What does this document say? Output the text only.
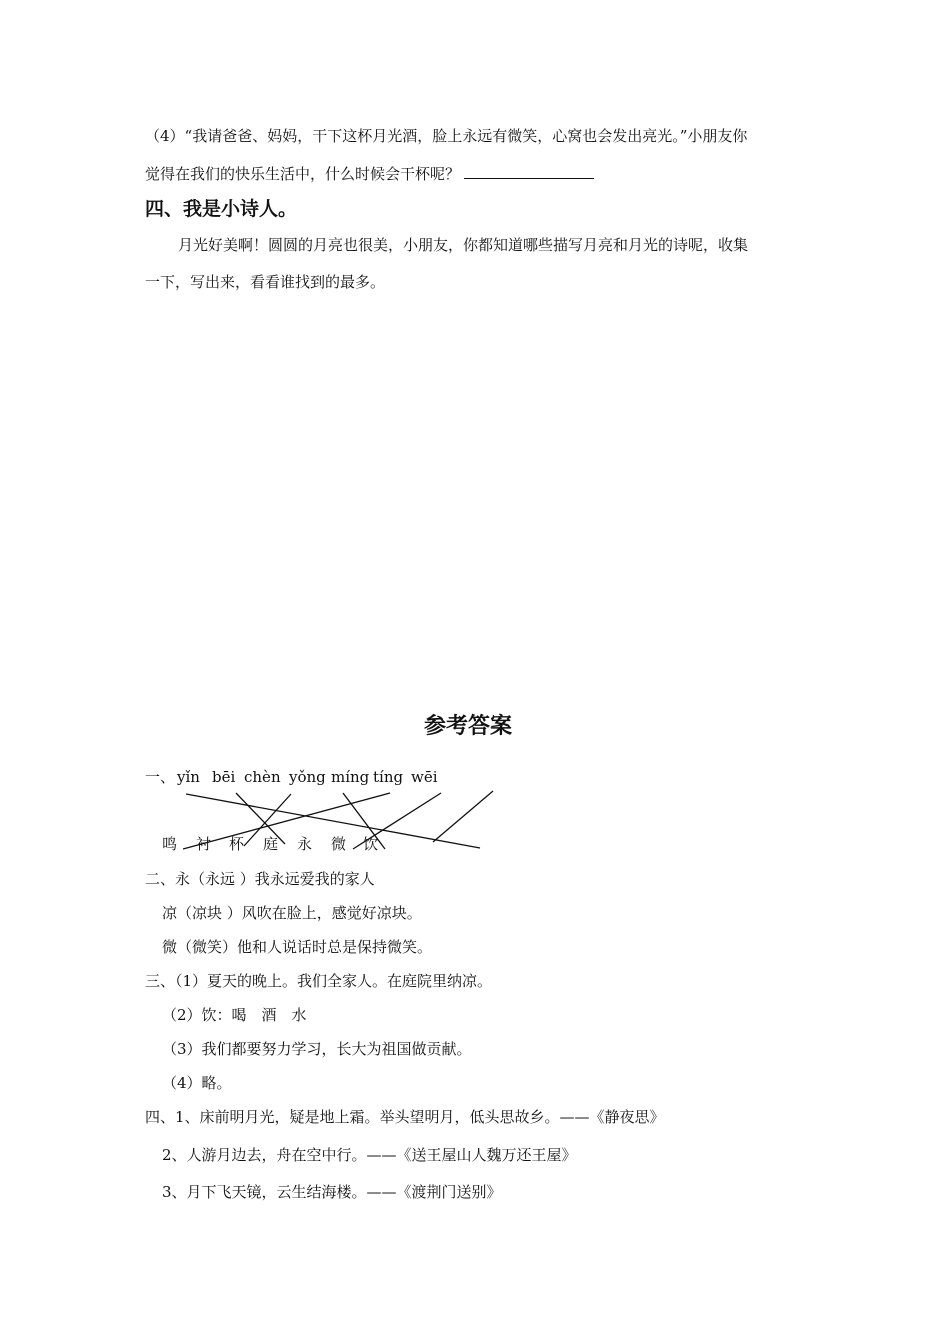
（4）“我请爸爸、妈妈，干下这杯月光酒，脸上永远有微笑，心窝也会发出亮光。”小朋友你
觉得在我们的快乐生活中，什么时候会干杯呢？
四、我是小诗人。
月光好美啊！圆圆的月亮也很美，小朋友，你都知道哪些描写月亮和月光的诗呢，收集
一下，写出来，看看谁找到的最多。
参考答案
一、 yǐn bēi chèn yǒng míng tíng wēi
鸣 衬 杯 庭 永 微 饮
二、永（永远 ）我永远爱我的家人
凉（凉块 ）风吹在脸上，感觉好凉块。
微（微笑）他和人说话时总是保持微笑。
三、（1）夏天的晚上。我们全家人。在庭院里纳凉。
（2）饮：喝　酒　水
（3）我们都要努力学习，长大为祖国做贡献。
（4）略。
四、1、床前明月光，疑是地上霜。举头望明月，低头思故乡。——《静夜思》
2、人游月边去，舟在空中行。——《送王屋山人魏万还王屋》
3、月下飞天镜，云生结海楼。——《渡荆门送别》
